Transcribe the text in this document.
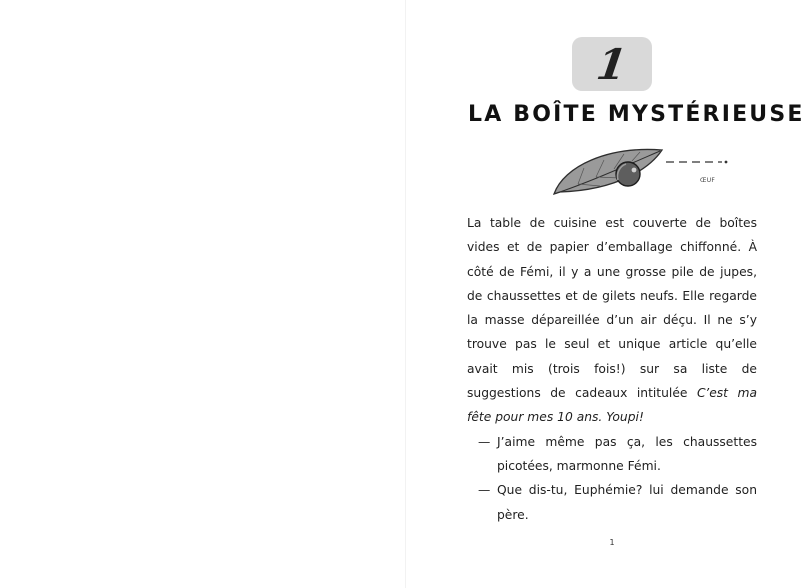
1
LA BOÎTE MYSTÉRIEUSE
ŒUF

La table de cuisine est couverte de boîtes vides et de papier d’emballage chiffonné. À côté de Fémi, il y a une grosse pile de jupes, de chaussettes et de gilets neufs. Elle regarde la masse dépareillée d’un air déçu. Il ne s’y trouve pas le seul et unique article qu’elle avait mis (trois fois!) sur sa liste de suggestions de cadeaux intitulée C’est ma fête pour mes 10 ans. Youpi!

— J’aime même pas ça, les chaussettes picotées, marmonne Fémi.

— Que dis-tu, Euphémie? lui demande son père.

1
